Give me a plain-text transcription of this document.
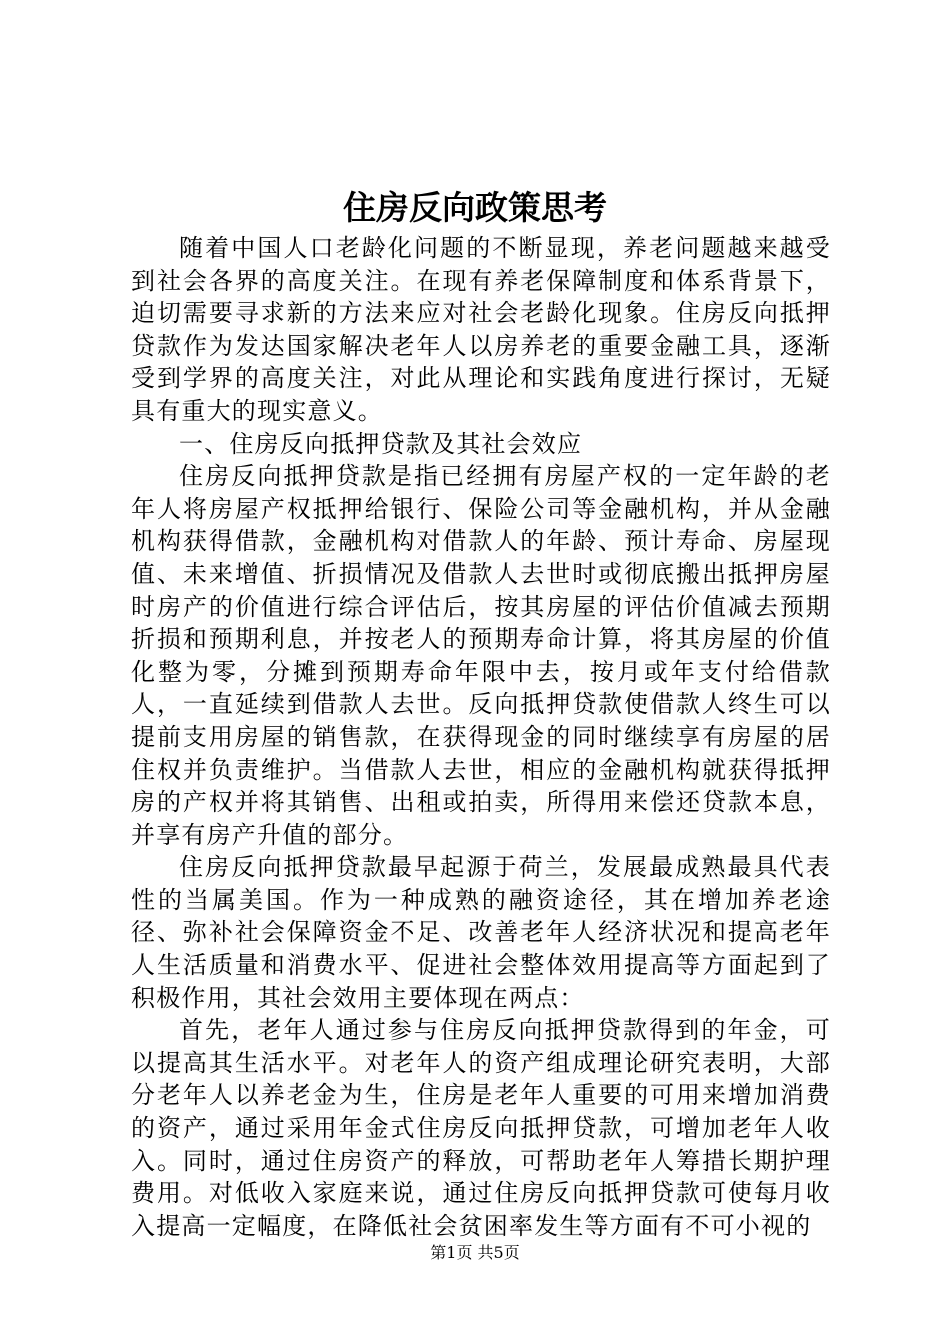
住房反向政策思考

随着中国人口老龄化问题的不断显现，养老问题越来越受到社会各界的高度关注。在现有养老保障制度和体系背景下，迫切需要寻求新的方法来应对社会老龄化现象。住房反向抵押贷款作为发达国家解决老年人以房养老的重要金融工具，逐渐受到学界的高度关注，对此从理论和实践角度进行探讨，无疑具有重大的现实意义。

一、住房反向抵押贷款及其社会效应

住房反向抵押贷款是指已经拥有房屋产权的一定年龄的老年人将房屋产权抵押给银行、保险公司等金融机构，并从金融机构获得借款，金融机构对借款人的年龄、预计寿命、房屋现值、未来增值、折损情况及借款人去世时或彻底搬出抵押房屋时房产的价值进行综合评估后，按其房屋的评估价值减去预期折损和预期利息，并按老人的预期寿命计算，将其房屋的价值化整为零，分摊到预期寿命年限中去，按月或年支付给借款人，一直延续到借款人去世。反向抵押贷款使借款人终生可以提前支用房屋的销售款，在获得现金的同时继续享有房屋的居住权并负责维护。当借款人去世，相应的金融机构就获得抵押房的产权并将其销售、出租或拍卖，所得用来偿还贷款本息，并享有房产升值的部分。

住房反向抵押贷款最早起源于荷兰，发展最成熟最具代表性的当属美国。作为一种成熟的融资途径，其在增加养老途径、弥补社会保障资金不足、改善老年人经济状况和提高老年人生活质量和消费水平、促进社会整体效用提高等方面起到了积极作用，其社会效用主要体现在两点：

首先，老年人通过参与住房反向抵押贷款得到的年金，可以提高其生活水平。对老年人的资产组成理论研究表明，大部分老年人以养老金为生，住房是老年人重要的可用来增加消费的资产，通过采用年金式住房反向抵押贷款，可增加老年人收入。同时，通过住房资产的释放，可帮助老年人筹措长期护理费用。对低收入家庭来说，通过住房反向抵押贷款可使每月收入提高一定幅度，在降低社会贫困率发生等方面有不可小视的

第1页 共5页
